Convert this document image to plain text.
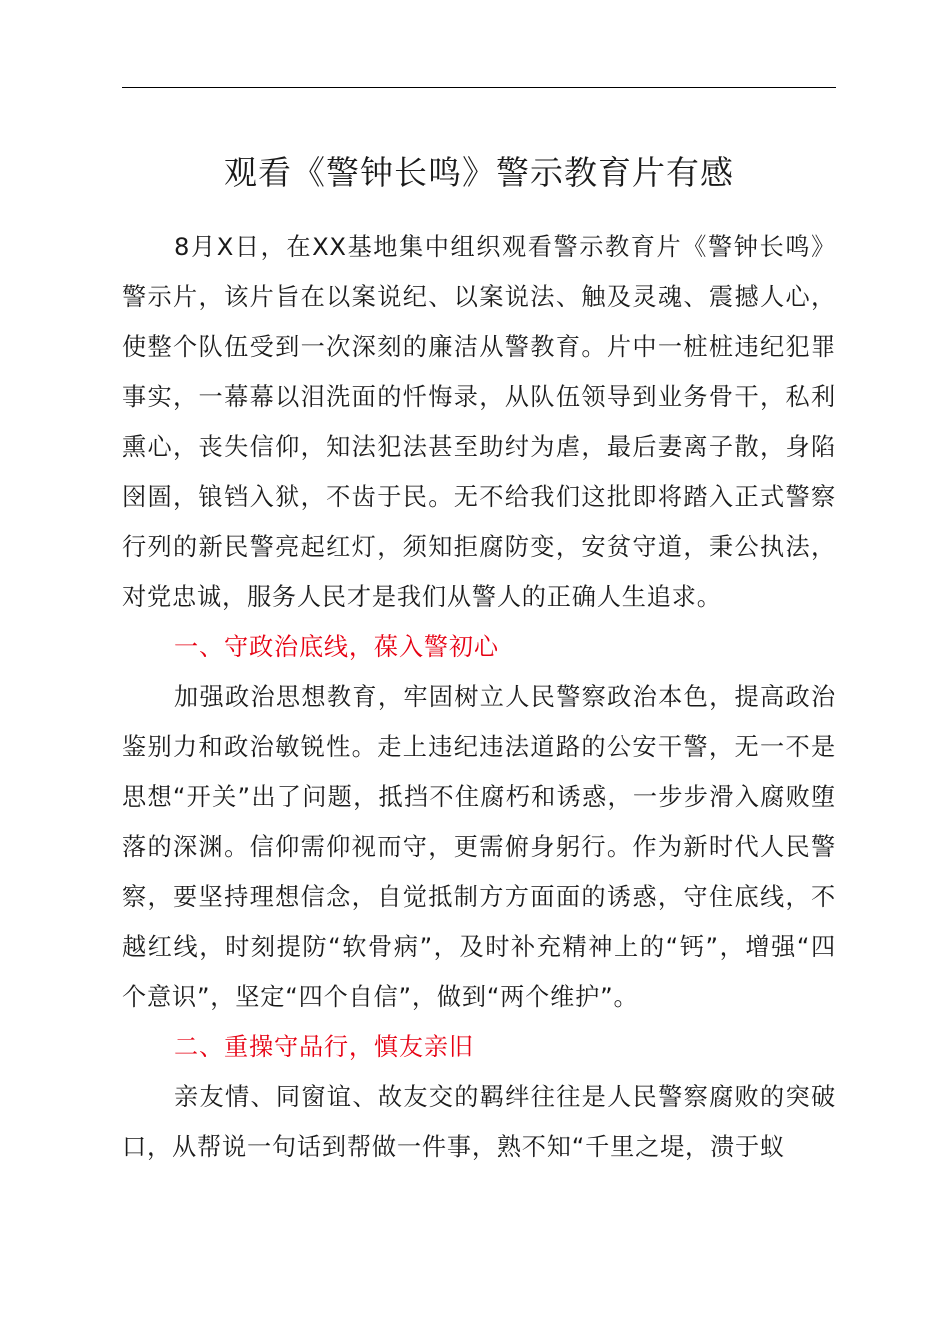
观看《警钟长鸣》警示教育片有感

8月X日，在XX基地集中组织观看警示教育片《警钟长鸣》警示片，该片旨在以案说纪、以案说法、触及灵魂、震撼人心，使整个队伍受到一次深刻的廉洁从警教育。片中一桩桩违纪犯罪事实，一幕幕以泪洗面的忏悔录，从队伍领导到业务骨干，私利熏心，丧失信仰，知法犯法甚至助纣为虐，最后妻离子散，身陷囹圄，锒铛入狱，不齿于民。无不给我们这批即将踏入正式警察行列的新民警亮起红灯，须知拒腐防变，安贫守道，秉公执法，对党忠诚，服务人民才是我们从警人的正确人生追求。

一、守政治底线，葆入警初心

加强政治思想教育，牢固树立人民警察政治本色，提高政治鉴别力和政治敏锐性。走上违纪违法道路的公安干警，无一不是思想“开关”出了问题，抵挡不住腐朽和诱惑，一步步滑入腐败堕落的深渊。信仰需仰视而守，更需俯身躬行。作为新时代人民警察，要坚持理想信念，自觉抵制方方面面的诱惑，守住底线，不越红线，时刻提防“软骨病”，及时补充精神上的“钙”，增强“四个意识”，坚定“四个自信”，做到“两个维护”。

二、重操守品行，慎友亲旧

亲友情、同窗谊、故友交的羁绊往往是人民警察腐败的突破口，从帮说一句话到帮做一件事，熟不知“千里之堤，溃于蚁
